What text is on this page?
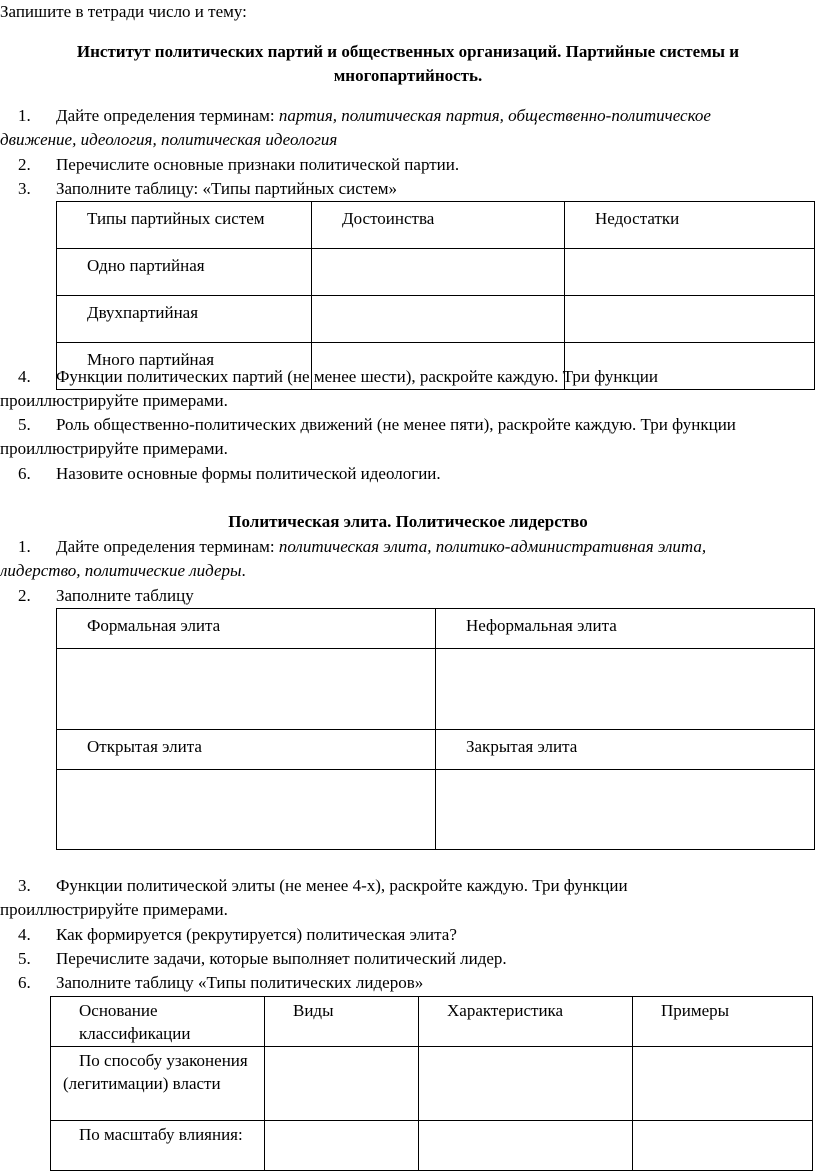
Запишите в тетради число и тему:
Институт политических партий и общественных организаций. Партийные системы и
многопартийность.
1. Дайте определения терминам: партия, политическая партия, общественно-политическое
движение, идеология, политическая идеология
2. Перечислите основные признаки политической партии.
3. Заполните таблицу: «Типы партийных систем»
Типы партийных систем	Достоинства	Недостатки
Одно партийная		
Двухпартийная		
Много партийная		
4. Функции политических партий (не менее шести), раскройте каждую. Три функции
проиллюстрируйте примерами.
5. Роль общественно-политических движений (не менее пяти), раскройте каждую. Три функции
проиллюстрируйте примерами.
6. Назовите основные формы политической идеологии.
Политическая элита. Политическое лидерство
1. Дайте определения терминам: политическая элита, политико-административная элита,
лидерство, политические лидеры.
2. Заполните таблицу
Формальная элита	Неформальная элита

Открытая элита	Закрытая элита

3. Функции политической элиты (не менее 4-х), раскройте каждую. Три функции
проиллюстрируйте примерами.
4. Как формируется (рекрутируется) политическая элита?
5. Перечислите задачи, которые выполняет политический лидер.
6. Заполните таблицу «Типы политических лидеров»
Основание классификации	Виды	Характеристика	Примеры

По способу узаконения (легитимации) власти			

По масштабу влияния:			
